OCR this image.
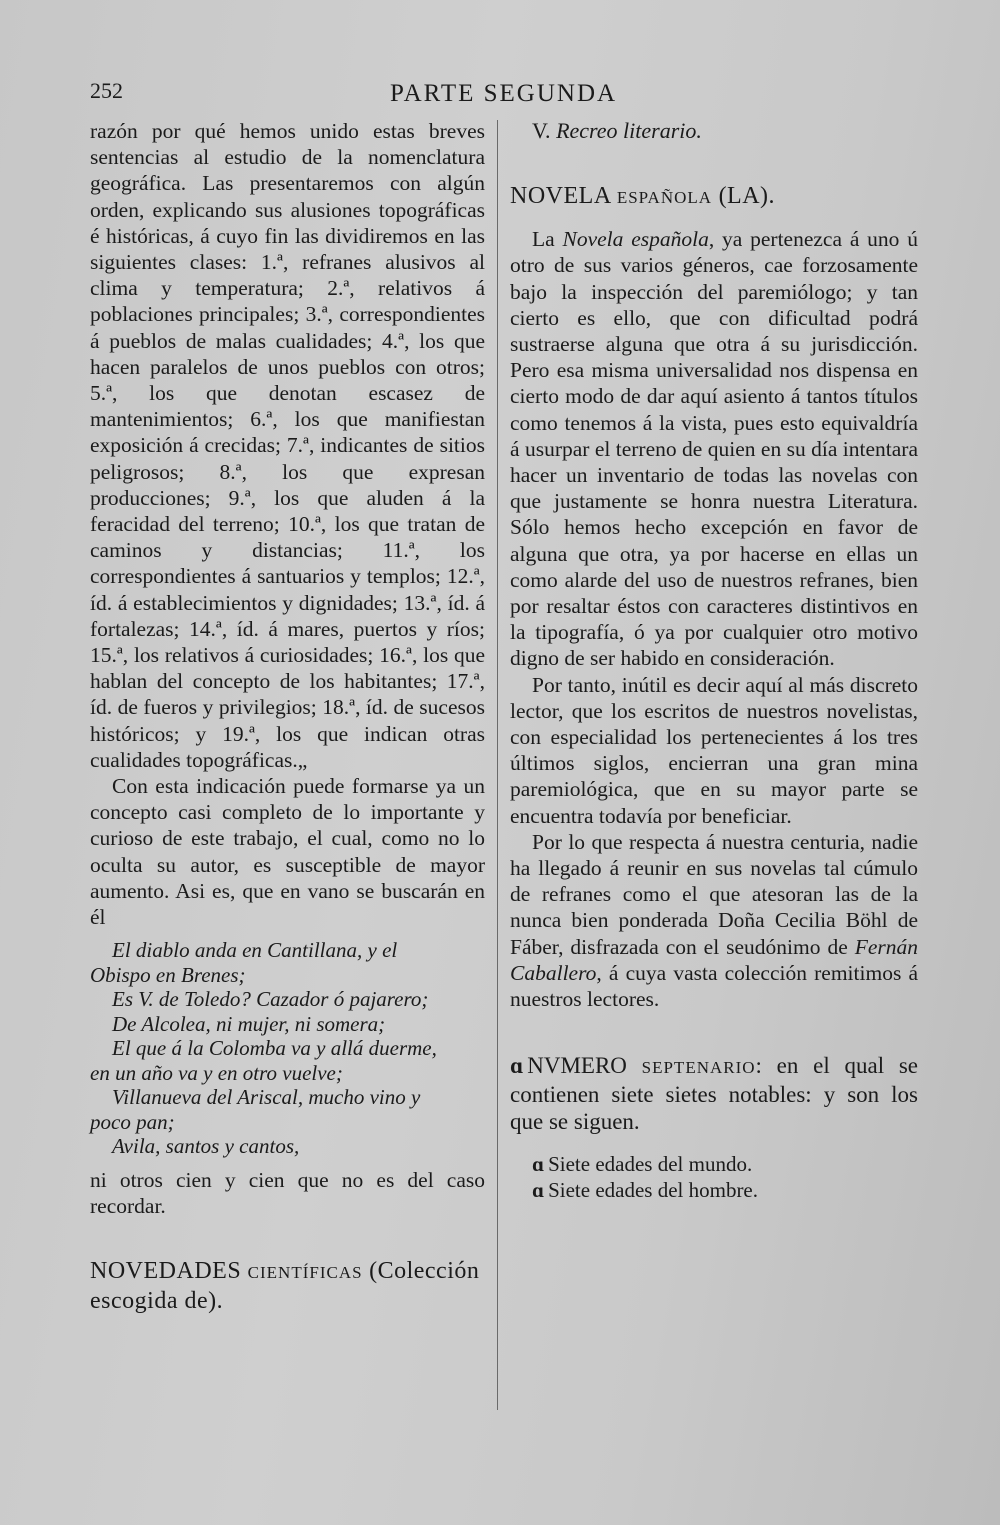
252	PARTE SEGUNDA

razón por qué hemos unido estas breves sentencias al estudio de la nomenclatura geográfica. Las presentaremos con algún orden, explicando sus alusiones topográficas é históricas, á cuyo fin las dividiremos en las siguientes clases: 1.ª, refranes alusivos al clima y temperatura; 2.ª, relativos á poblaciones principales; 3.ª, correspondientes á pueblos de malas cualidades; 4.ª, los que hacen paralelos de unos pueblos con otros; 5.ª, los que denotan escasez de mantenimientos; 6.ª, los que manifiestan exposición á crecidas; 7.ª, indicantes de sitios peligrosos; 8.ª, los que expresan producciones; 9.ª, los que aluden á la feracidad del terreno; 10.ª, los que tratan de caminos y distancias; 11.ª, los correspondientes á santuarios y templos; 12.ª, íd. á establecimientos y dignidades; 13.ª, íd. á fortalezas; 14.ª, íd. á mares, puertos y ríos; 15.ª, los relativos á curiosidades; 16.ª, los que hablan del concepto de los habitantes; 17.ª, íd. de fueros y privilegios; 18.ª, íd. de sucesos históricos; y 19.ª, los que indican otras cualidades topográficas.„

Con esta indicación puede formarse ya un concepto casi completo de lo importante y curioso de este trabajo, el cual, como no lo oculta su autor, es susceptible de mayor aumento. Asi es, que en vano se buscarán en él

El diablo anda en Cantillana, y el
Obispo en Brenes;
Es V. de Toledo? Cazador ó pajarero;
De Alcolea, ni mujer, ni somera;
El que á la Colomba va y allá duerme,
en un año va y en otro vuelve;
Villanueva del Ariscal, mucho vino y
poco pan;
Avila, santos y cantos,

ni otros cien y cien que no es del caso recordar.

NOVEDADES CIENTÍFICAS (Colección escogida de).

V. Recreo literario.

NOVELA ESPAÑOLA (LA).

La Novela española, ya pertenezca á uno ú otro de sus varios géneros, cae forzosamente bajo la inspección del paremiólogo; y tan cierto es ello, que con dificultad podrá sustraerse alguna que otra á su jurisdicción. Pero esa misma universalidad nos dispensa en cierto modo de dar aquí asiento á tantos títulos como tenemos á la vista, pues esto equivaldría á usurpar el terreno de quien en su día intentara hacer un inventario de todas las novelas con que justamente se honra nuestra Literatura. Sólo hemos hecho excepción en favor de alguna que otra, ya por hacerse en ellas un como alarde del uso de nuestros refranes, bien por resaltar éstos con caracteres distintivos en la tipografía, ó ya por cualquier otro motivo digno de ser habido en consideración.

Por tanto, inútil es decir aquí al más discreto lector, que los escritos de nuestros novelistas, con especialidad los pertenecientes á los tres últimos siglos, encierran una gran mina paremiológica, que en su mayor parte se encuentra todavía por beneficiar.

Por lo que respecta á nuestra centuria, nadie ha llegado á reunir en sus novelas tal cúmulo de refranes como el que atesoran las de la nunca bien ponderada Doña Cecilia Böhl de Fáber, disfrazada con el seudónimo de Fernán Caballero, á cuya vasta colección remitimos á nuestros lectores.

ɑ NVMERO SEPTENARIO: en el qual se contienen siete sietes notables: y son los que se siguen.

ɑ Siete edades del mundo.
ɑ Siete edades del hombre.
